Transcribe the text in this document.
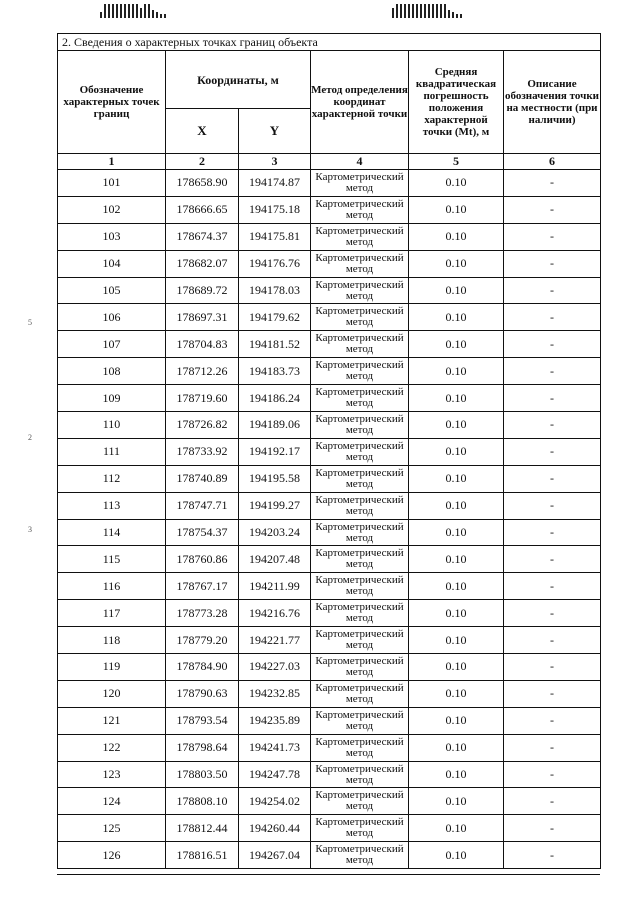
5
2
3
2. Сведения о характерных точках границ объекта					
Обозначение характерных точек границ	Координаты, м		Метод определения координат характерной точки	Средняя квадратическая погрешность положения характерной точки (Mt), м	Описание обозначения точки на местности (при наличии)
	X	Y			
1	2	3	4	5	6
101	178658.90	194174.87	Картометрический метод	0.10	-
102	178666.65	194175.18	Картометрический метод	0.10	-
103	178674.37	194175.81	Картометрический метод	0.10	-
104	178682.07	194176.76	Картометрический метод	0.10	-
105	178689.72	194178.03	Картометрический метод	0.10	-
106	178697.31	194179.62	Картометрический метод	0.10	-
107	178704.83	194181.52	Картометрический метод	0.10	-
108	178712.26	194183.73	Картометрический метод	0.10	-
109	178719.60	194186.24	Картометрический метод	0.10	-
110	178726.82	194189.06	Картометрический метод	0.10	-
111	178733.92	194192.17	Картометрический метод	0.10	-
112	178740.89	194195.58	Картометрический метод	0.10	-
113	178747.71	194199.27	Картометрический метод	0.10	-
114	178754.37	194203.24	Картометрический метод	0.10	-
115	178760.86	194207.48	Картометрический метод	0.10	-
116	178767.17	194211.99	Картометрический метод	0.10	-
117	178773.28	194216.76	Картометрический метод	0.10	-
118	178779.20	194221.77	Картометрический метод	0.10	-
119	178784.90	194227.03	Картометрический метод	0.10	-
120	178790.63	194232.85	Картометрический метод	0.10	-
121	178793.54	194235.89	Картометрический метод	0.10	-
122	178798.64	194241.73	Картометрический метод	0.10	-
123	178803.50	194247.78	Картометрический метод	0.10	-
124	178808.10	194254.02	Картометрический метод	0.10	-
125	178812.44	194260.44	Картометрический метод	0.10	-
126	178816.51	194267.04	Картометрический метод	0.10	-
